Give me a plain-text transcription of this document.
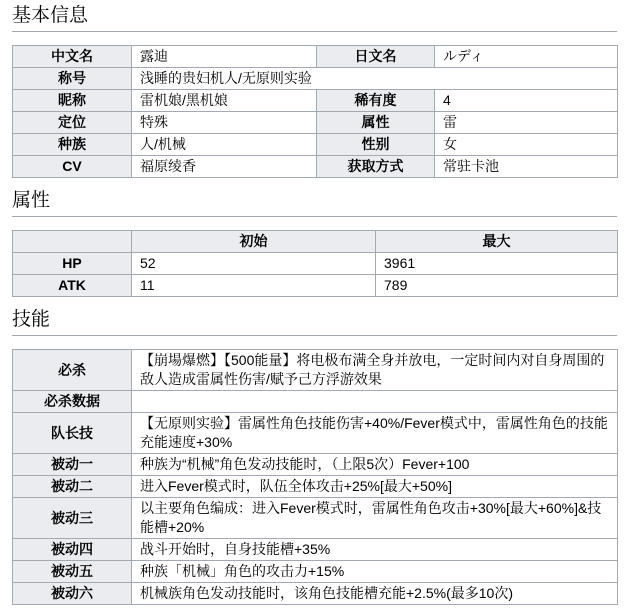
基本信息
中文名	露迪	日文名	ルディ
称号	浅睡的贵妇机人/无原则实验		
昵称	雷机娘/黑机娘	稀有度	4
定位	特殊	属性	雷
种族	人/机械	性别	女
CV	福原绫香	获取方式	常驻卡池
属性
	初始	最大
HP	52	3961
ATK	11	789
技能
必杀	【崩場爆燃】【500能量】将电极布满全身并放电，一定时间内对自身周围的敌人造成雷属性伤害/赋予己方浮游效果
必杀数据	
队长技	【无原则实验】雷属性角色技能伤害+40%/Fever模式中，雷属性角色的技能充能速度+30%
被动一	种族为“机械”角色发动技能时，（上限5次）Fever+100
被动二	进入Fever模式时，队伍全体攻击+25%[最大+50%]
被动三	以主要角色编成：进入Fever模式时，雷属性角色攻击+30%[最大+60%]&技能槽+20%
被动四	战斗开始时，自身技能槽+35%
被动五	种族「机械」角色的攻击力+15%
被动六	机械族角色发动技能时，该角色技能槽充能+2.5%(最多10次)
